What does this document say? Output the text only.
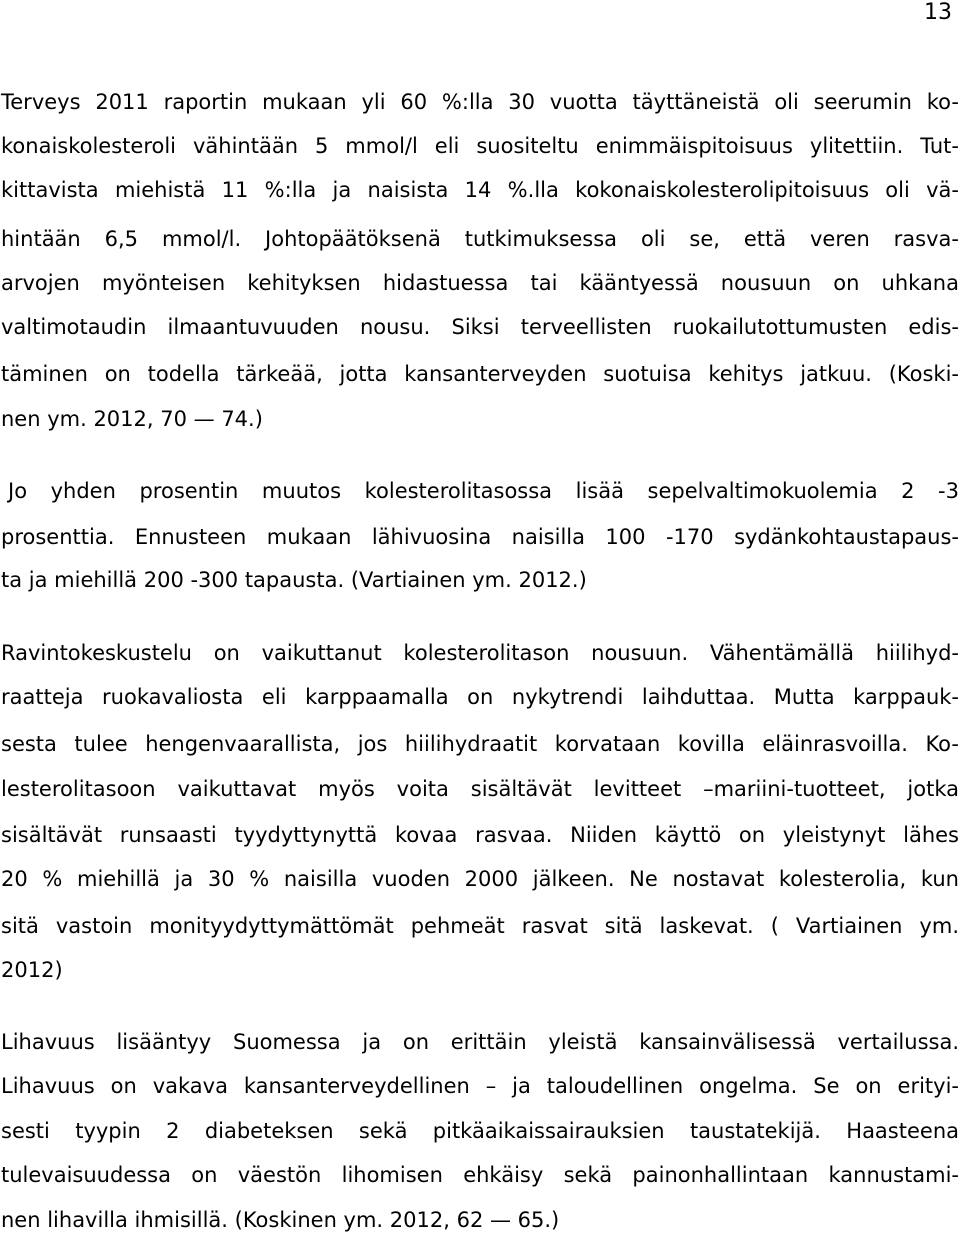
13
Terveys 2011 raportin mukaan yli 60 %:lla 30 vuotta täyttäneistä oli seerumin ko-
konaiskolesteroli vähintään 5 mmol/l eli suositeltu enimmäispitoisuus ylitettiin. Tut-
kittavista miehistä 11 %:lla ja naisista 14 %.lla kokonaiskolesterolipitoisuus oli vä-
hintään 6,5 mmol/l. Johtopäätöksenä tutkimuksessa oli se, että veren rasva-
arvojen myönteisen kehityksen hidastuessa tai kääntyessä nousuun on uhkana
valtimotaudin ilmaantuvuuden nousu. Siksi terveellisten ruokailutottumusten edis-
täminen on todella tärkeää, jotta kansanterveyden suotuisa kehitys jatkuu. (Koski-
nen ym. 2012, 70 — 74.)
Jo yhden prosentin muutos kolesterolitasossa lisää sepelvaltimokuolemia 2 -3
prosenttia. Ennusteen mukaan lähivuosina naisilla 100 -170 sydänkohtaustapaus-
ta ja miehillä 200 -300 tapausta. (Vartiainen ym. 2012.)
Ravintokeskustelu on vaikuttanut kolesterolitason nousuun. Vähentämällä hiilihyd-
raatteja ruokavaliosta eli karppaamalla on nykytrendi laihduttaa. Mutta karppauk-
sesta tulee hengenvaarallista, jos hiilihydraatit korvataan kovilla eläinrasvoilla. Ko-
lesterolitasoon vaikuttavat myös voita sisältävät levitteet –mariini-tuotteet, jotka
sisältävät runsaasti tyydyttynyttä kovaa rasvaa. Niiden käyttö on yleistynyt lähes
20 % miehillä ja 30 % naisilla vuoden 2000 jälkeen. Ne nostavat kolesterolia, kun
sitä vastoin monityydyttymättömät pehmeät rasvat sitä laskevat. ( Vartiainen ym.
2012)
Lihavuus lisääntyy Suomessa ja on erittäin yleistä kansainvälisessä vertailussa.
Lihavuus on vakava kansanterveydellinen – ja taloudellinen ongelma. Se on erityi-
sesti tyypin 2 diabeteksen sekä pitkäaikaissairauksien taustatekijä. Haasteena
tulevaisuudessa on väestön lihomisen ehkäisy sekä painonhallintaan kannustami-
nen lihavilla ihmisillä. (Koskinen ym. 2012, 62 — 65.)
